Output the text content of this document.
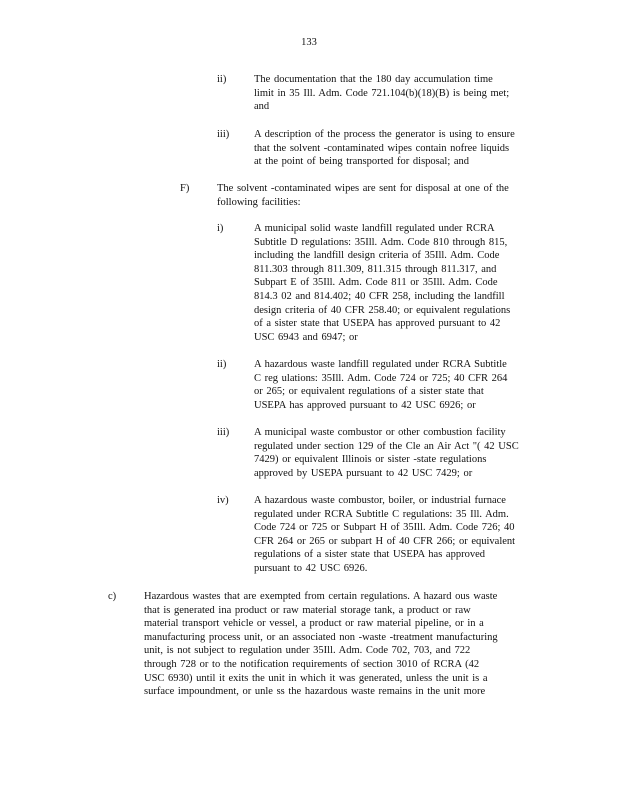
133
ii)	The documentation that the 180 day accumulation time
limit in 35 Ill. Adm. Code 721.104(b)(18)(B) is being met;
and
iii) A description of the process the generator is using to ensure
that the solvent -contaminated wipes contain nofree liquids
at the point of being transported for disposal; and
F)	The solvent -contaminated wipes are sent for disposal at one of the
following facilities:
i)	A municipal solid waste landfill regulated under RCRA
Subtitle D regulations: 35Ill. Adm. Code 810 through 815,
including the landfill design criteria of 35Ill. Adm. Code
811.303 through 811.309, 811.315 through 811.317, and
Subpart E of 35Ill. Adm. Code 811 or 35Ill. Adm. Code
814.3 02 and 814.402; 40 CFR 258, including the landfill
design criteria of 40 CFR 258.40; or equivalent regulations
of a sister state that USEPA has approved pursuant to 42
USC 6943 and 6947; or
ii)	A hazardous waste landfill regulated under RCRA Subtitle
C reg ulations: 35Ill. Adm. Code 724 or 725; 40 CFR 264
or 265; or equivalent regulations of a sister state that
USEPA has approved pursuant to 42 USC 6926; or
iii) A municipal waste combustor or other combustion facility
regulated under section 129 of the Cle an Air Act "( 42 USC
7429) or equivalent Illinois or sister -state regulations
approved by USEPA pursuant to 42 USC 7429; or
iv) A hazardous waste combustor, boiler, or industrial furnace
regulated under RCRA Subtitle C regulations: 35 Ill. Adm.
Code 724 or 725 or Subpart H of 35Ill. Adm. Code 726; 40
CFR 264 or 265 or subpart H of 40 CFR 266; or equivalent
regulations of a sister state that USEPA has approved
pursuant to 42 USC 6926.
c)	Hazardous wastes that are exempted from certain regulations. A hazard ous waste
that is generated ina product or raw material storage tank, a product or raw
material transport vehicle or vessel, a product or raw material pipeline, or in a
manufacturing process unit, or an associated non -waste -treatment manufacturing
unit, is not subject to regulation under 35Ill. Adm. Code 702, 703, and 722
through 728 or to the notification requirements of section 3010 of RCRA (42
USC 6930) until it exits the unit in which it was generated, unless the unit is a
surface impoundment, or unle ss the hazardous waste remains in the unit more
